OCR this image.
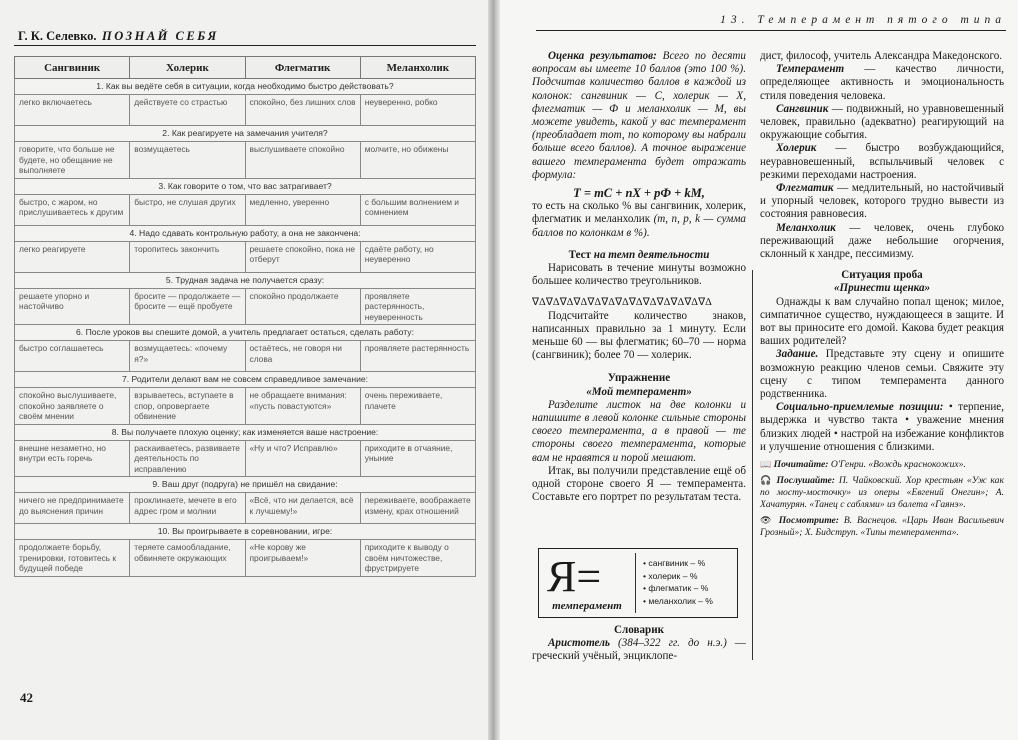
Г. К. Селевко. ПОЗНАЙ СЕБЯ
Сангвиник	Холерик	Флегматик	Меланхолик
1. Как вы ведёте себя в ситуации, когда необходимо быстро действовать?			
легко включаетесь	действуете со страстью	спокойно, без лишних слов	неуверенно, робко
2. Как реагируете на замечания учителя?			
говорите, что больше не будете, но обещание не выполняете	возмущаетесь	выслушиваете спокойно	молчите, но обижены
3. Как говорите о том, что вас затрагивает?			
быстро, с жаром, но прислушиваетесь к другим	быстро, не слушая других	медленно, уверенно	с большим волнением и сомнением
4. Надо сдавать контрольную работу, а она не закончена:			
легко реагируете	торопитесь закончить	решаете спокойно, пока не отберут	сдаёте работу, но неуверенно
5. Трудная задача не получается сразу:			
решаете упорно и настойчиво	бросите — продолжаете — бросите — ещё пробуете	спокойно продолжаете	проявляете растерянность, неуверенность
6. После уроков вы спешите домой, а учитель предлагает остаться, сделать работу:			
быстро соглашаетесь	возмущаетесь: «почему я?»	остаётесь, не говоря ни слова	проявляете растерянность
7. Родители делают вам не совсем справедливое замечание:			
спокойно выслушиваете, спокойно заявляете о своём мнении	взрываетесь, вступаете в спор, опровергаете обвинение	не обращаете внимания: «пусть повастуются»	очень переживаете, плачете
8. Вы получаете плохую оценку; как изменяется ваше настроение:			
внешне незаметно, но внутри есть горечь	раскаиваетесь, развиваете деятельность по исправлению	«Ну и что? Исправлю»	приходите в отчаяние, уныние
9. Ваш друг (подруга) не пришёл на свидание:			
ничего не предпринимаете до выяснения причин	проклинаете, мечете в его адрес гром и молнии	«Всё, что ни делается, всё к лучшему!»	переживаете, воображаете измену, крах отношений
10. Вы проигрываете в соревновании, игре:			
продолжаете борьбу, тренировки, готовитесь к будущей победе	теряете самообладание, обвиняете окружающих	«Не корову же проигрываем!»	приходите к выводу о своём ничтожестве, фрустрируете
42
13. Темперамент пятого типа

Оценка результатов: Всего по десяти вопросам вы имеете 10 баллов (это 100 %). Подсчитав количество баллов в каждой из колонок: сангвиник — С, холерик — Х, флегматик — Ф и меланхолик — М, вы можете увидеть, какой у вас темперамент (преобладает тот, по которому вы набрали больше всего баллов). А точное выражение вашего темперамента будет отражать формула:

T = mC + nX + pФ + kM,

то есть на сколько % вы сангвиник, холерик, флегматик и меланхолик (m, n, p, k — сумма баллов по колонкам в %).

Тест на темп деятельности

Нарисовать в течение минуты возможно большее количество треугольников.

∇∆∇∆∇∆∇∆∇∆∇∆∇∆∇∆∇∆∇∆∇∆∇∆∇∆

Подсчитайте количество знаков, написанных правильно за 1 минуту. Если меньше 60 — вы флегматик; 60–70 — норма (сангвиник); более 70 — холерик.

Упражнение

«Мой темперамент»

Разделите листок на две колонки и напишите в левой колонке сильные стороны своего темперамента, а в правой — те стороны своего темперамента, которые вам не нравятся и порой мешают.

Итак, вы получили представление ещё об одной стороне своего Я — темперамента. Составьте его портрет по результатам теста.

Я=
темперамент
• сангвиник – %
• холерик – %
• флегматик – %
• меланхолик – %

Словарик

Аристотель (384–322 гг. до н.э.) — греческий учёный, энциклопе-

дист, философ, учитель Александра Македонского.

Темперамент — качество личности, определяющее активность и эмоциональность стиля поведения человека.

Сангвиник — подвижный, но уравновешенный человек, правильно (адекватно) реагирующий на окружающие события.

Холерик — быстро возбуждающийся, неуравновешенный, вспыльчивый человек с резкими переходами настроения.

Флегматик — медлительный, но настойчивый и упорный человек, которого трудно вывести из состояния равновесия.

Меланхолик — человек, очень глубоко переживающий даже небольшие огорчения, склонный к хандре, пессимизму.

Ситуация проба

«Принести щенка»

Однажды к вам случайно попал щенок; милое, симпатичное существо, нуждающееся в защите. И вот вы приносите его домой. Какова будет реакция ваших родителей?

Задание. Представьте эту сцену и опишите возможную реакцию членов семьи. Свяжите эту сцену с типом темперамента данного родственника.

Социально-приемлемые позиции: • терпение, выдержка и чувство такта • уважение мнения близких людей • настрой на избежание конфликтов и улучшение отношения с близкими.

📖 Почитайте: О'Генри. «Вождь краснокожих».

🎧 Послушайте: П. Чайковский. Хор крестьян «Уж как по мосту-мосточку» из оперы «Евгений Онегин»; А. Хачатурян. «Танец с саблями» из балета «Гаянэ».

👁 Посмотрите: В. Васнецов. «Царь Иван Васильевич Грозный»; Х. Бидструп. «Типы темперамента».
